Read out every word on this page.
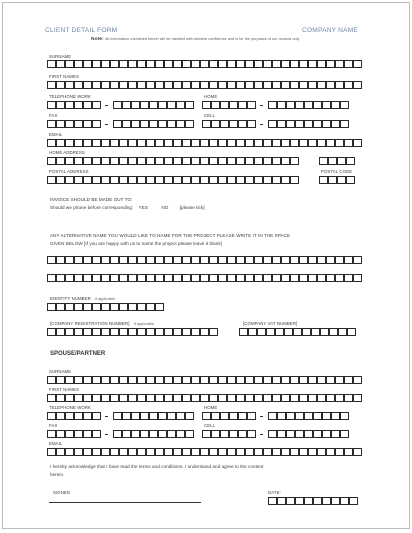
CLIENT DETAIL FORM	COMPANY NAME
Note: All information contained herein will be handled with strictest confidence and is for the purposes of our records only
SURNAME
FIRST NAMES
TELEPHONE WORK	HOME
FAX	CELL
EMAIL
HOME ADDRESS
POSTAL ADDRESS	POSTAL CODE
INVOICE SHOULD BE MADE OUT TO:
Should we phone before corresponding: YES	NO [please tick]
ANY ALTERNATIVE NAME YOU WOULD LIKE TO NAME FOR THE PROJECT PLEASE WRITE IT IN THE SPACE
GIVEN BELOW [If you are happy with us to name the project please leave it blank]
IDENTITY NUMBER if applicable
[COMPANY REGISTRATION NUMBER] if applicable	[COMPANY VAT NUMBER]
SPOUSE/PARTNER
SURNAME
FIRST NAMES
TELEPHONE WORK	HOME
FAX	CELL
EMAIL
I hereby acknowledge that I have read the terms and conditions. I understand and agree to the content
herein.
SIGNED	DATE:
